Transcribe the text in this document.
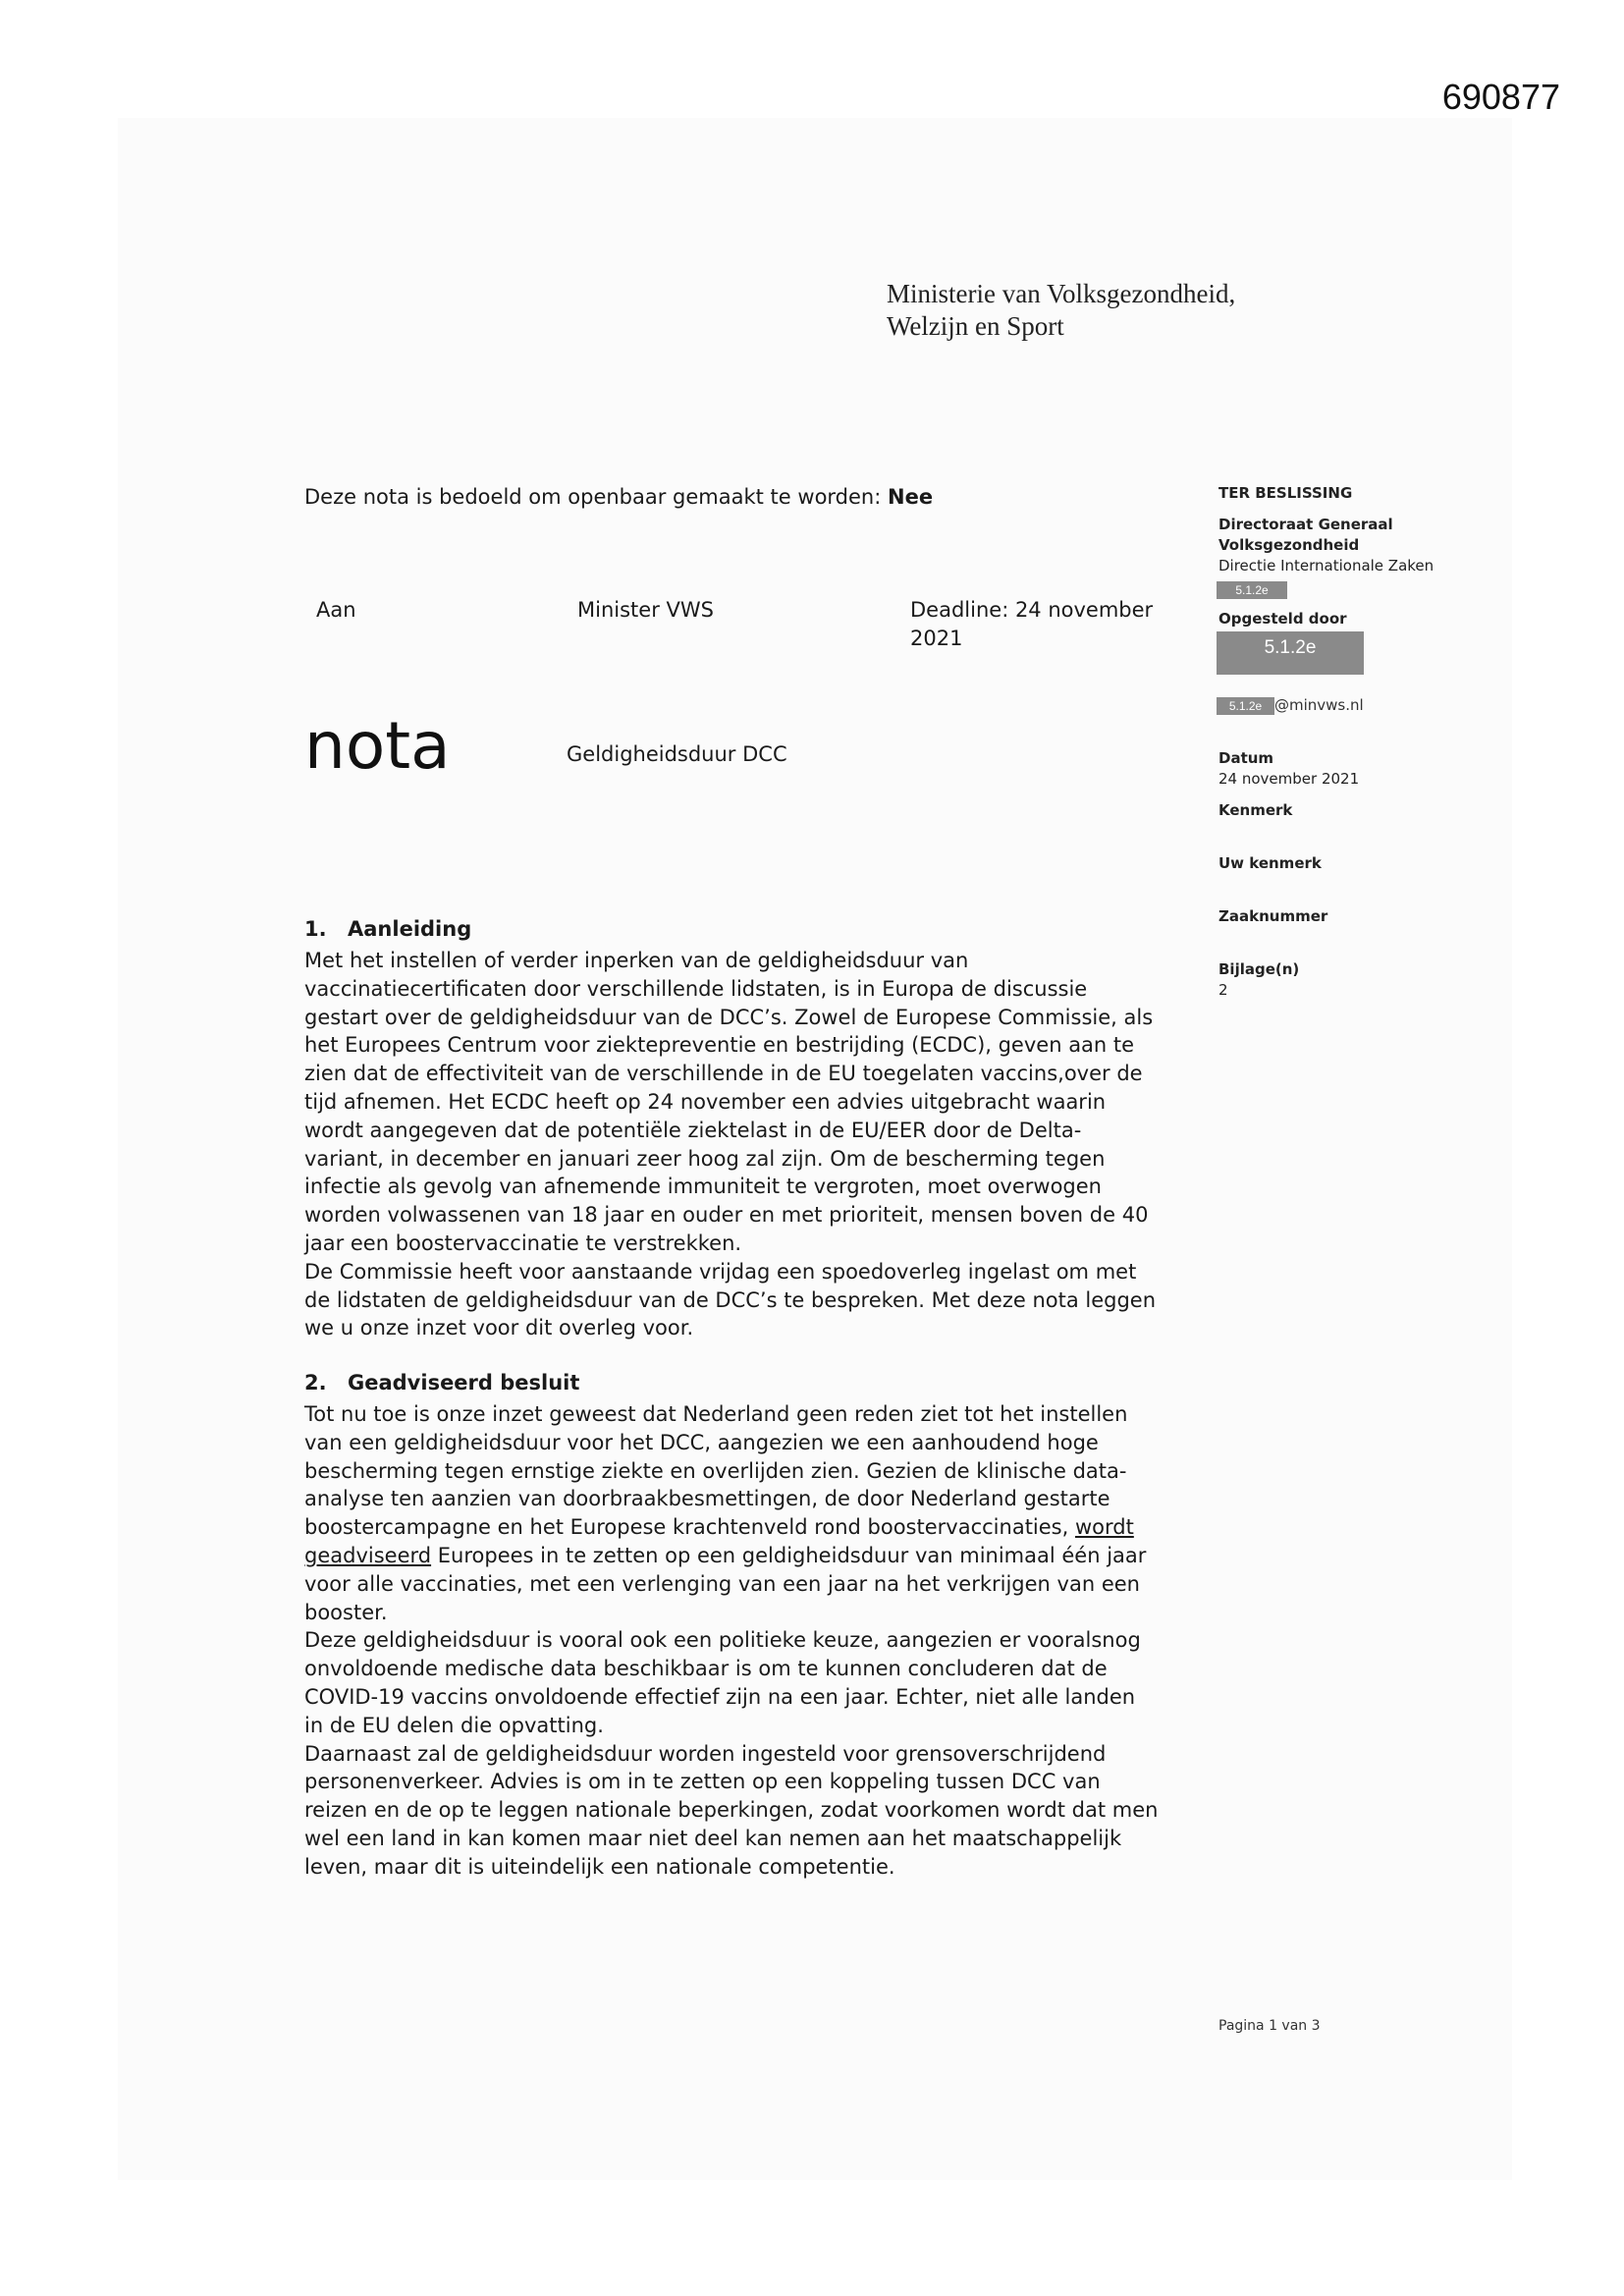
690877
Ministerie van Volksgezondheid,
Welzijn en Sport
Deze nota is bedoeld om openbaar gemaakt te worden: Nee
Aan	Minister VWS	Deadline: 24 november
2021
nota	Geldigheidsduur DCC
1. Aanleiding
Met het instellen of verder inperken van de geldigheidsduur van
vaccinatiecertificaten door verschillende lidstaten, is in Europa de discussie
gestart over de geldigheidsduur van de DCC’s. Zowel de Europese Commissie, als
het Europees Centrum voor ziektepreventie en bestrijding (ECDC), geven aan te
zien dat de effectiviteit van de verschillende in de EU toegelaten vaccins,over de
tijd afnemen. Het ECDC heeft op 24 november een advies uitgebracht waarin
wordt aangegeven dat de potentiële ziektelast in de EU/EER door de Delta-
variant, in december en januari zeer hoog zal zijn. Om de bescherming tegen
infectie als gevolg van afnemende immuniteit te vergroten, moet overwogen
worden volwassenen van 18 jaar en ouder en met prioriteit, mensen boven de 40
jaar een boostervaccinatie te verstrekken.
De Commissie heeft voor aanstaande vrijdag een spoedoverleg ingelast om met
de lidstaten de geldigheidsduur van de DCC’s te bespreken. Met deze nota leggen
we u onze inzet voor dit overleg voor.
2. Geadviseerd besluit
Tot nu toe is onze inzet geweest dat Nederland geen reden ziet tot het instellen
van een geldigheidsduur voor het DCC, aangezien we een aanhoudend hoge
bescherming tegen ernstige ziekte en overlijden zien. Gezien de klinische data-
analyse ten aanzien van doorbraakbesmettingen, de door Nederland gestarte
boostercampagne en het Europese krachtenveld rond boostervaccinaties, wordt
geadviseerd Europees in te zetten op een geldigheidsduur van minimaal één jaar
voor alle vaccinaties, met een verlenging van een jaar na het verkrijgen van een
booster.
Deze geldigheidsduur is vooral ook een politieke keuze, aangezien er vooralsnog
onvoldoende medische data beschikbaar is om te kunnen concluderen dat de
COVID-19 vaccins onvoldoende effectief zijn na een jaar. Echter, niet alle landen
in de EU delen die opvatting.
Daarnaast zal de geldigheidsduur worden ingesteld voor grensoverschrijdend
personenverkeer. Advies is om in te zetten op een koppeling tussen DCC van
reizen en de op te leggen nationale beperkingen, zodat voorkomen wordt dat men
wel een land in kan komen maar niet deel kan nemen aan het maatschappelijk
leven, maar dit is uiteindelijk een nationale competentie.
TER BESLISSING
Directoraat Generaal
Volksgezondheid
Directie Internationale Zaken
5.1.2e
Opgesteld door
5.1.2e
5.1.2e @minvws.nl
Datum
24 november 2021
Kenmerk
Uw kenmerk
Zaaknummer
Bijlage(n)
2
Pagina 1 van 3
